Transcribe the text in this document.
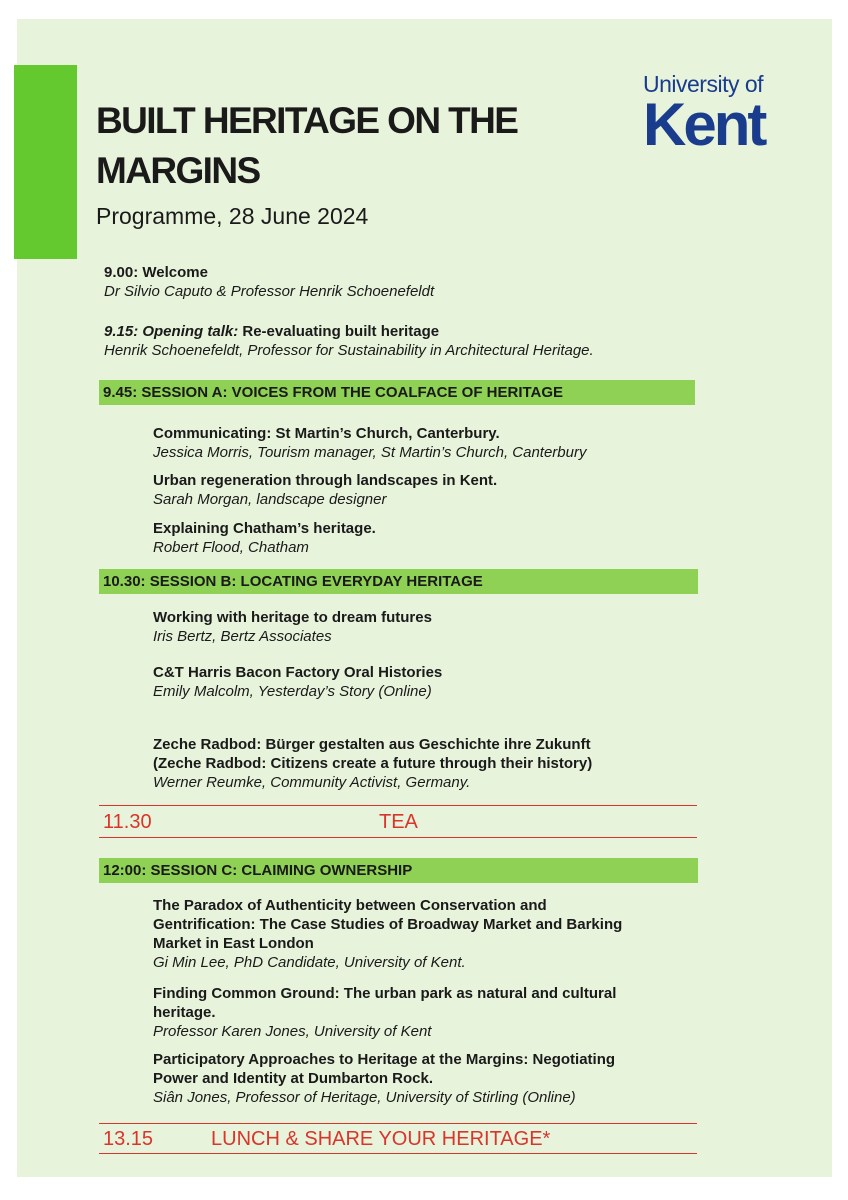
BUILT HERITAGE ON THE MARGINS
Programme, 28 June 2024
University of
Kent
9.00: Welcome
Dr Silvio Caputo & Professor Henrik Schoenefeldt
9.15: Opening talk: Re-evaluating built heritage
Henrik Schoenefeldt, Professor for Sustainability in Architectural Heritage.
9.45: SESSION A: VOICES FROM THE COALFACE OF HERITAGE
Communicating: St Martin’s Church, Canterbury.
Jessica Morris, Tourism manager, St Martin’s Church, Canterbury
Urban regeneration through landscapes in Kent.
Sarah Morgan, landscape designer
Explaining Chatham’s heritage.
Robert Flood, Chatham
10.30: SESSION B: LOCATING EVERYDAY HERITAGE
Working with heritage to dream futures
Iris Bertz, Bertz Associates
C&T Harris Bacon Factory Oral Histories
Emily Malcolm, Yesterday’s Story (Online)
Zeche Radbod: Bürger gestalten aus Geschichte ihre Zukunft
(Zeche Radbod: Citizens create a future through their history)
Werner Reumke, Community Activist, Germany.
11.30	TEA
12:00: SESSION C: CLAIMING OWNERSHIP
The Paradox of Authenticity between Conservation and
Gentrification: The Case Studies of Broadway Market and Barking
Market in East London
Gi Min Lee, PhD Candidate, University of Kent.
Finding Common Ground: The urban park as natural and cultural
heritage.
Professor Karen Jones, University of Kent
Participatory Approaches to Heritage at the Margins: Negotiating
Power and Identity at Dumbarton Rock.
Siân Jones, Professor of Heritage, University of Stirling (Online)
13.15	LUNCH & SHARE YOUR HERITAGE*
